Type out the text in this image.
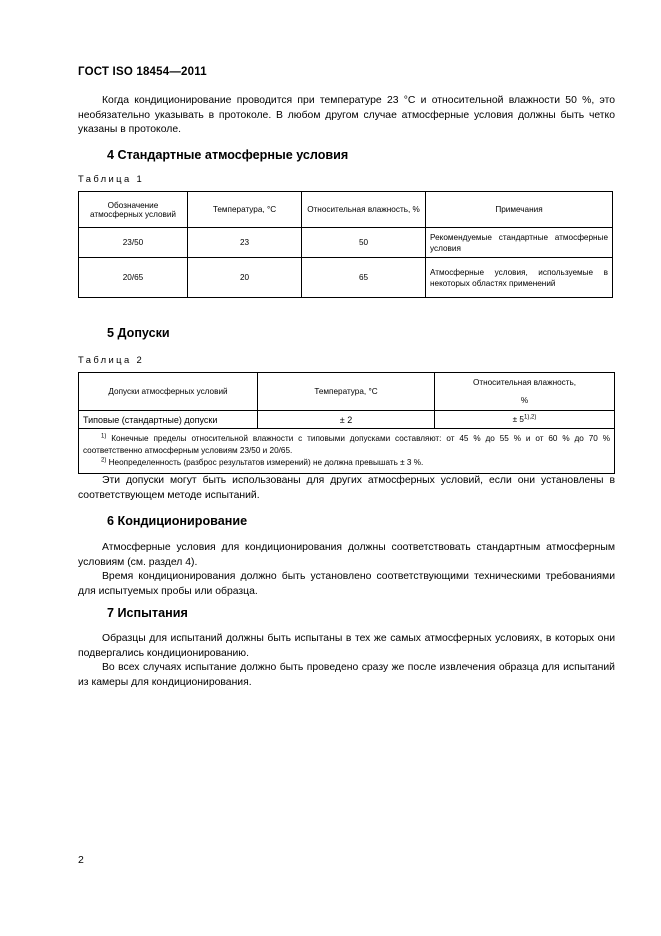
ГОСТ ISO 18454—2011
Когда кондиционирование проводится при температуре 23 °С и относительной влажности 50 %, это необязательно указывать в протоколе. В любом другом случае атмосферные условия должны быть четко указаны в протоколе.
4 Стандартные атмосферные условия
Таблица 1
Обозначение атмосферных условий	Температура, °С	Относительная влажность, %	Примечания
23/50	23	50	Рекомендуемые стандартные атмосферные условия
20/65	20	65	Атмосферные условия, используемые в некоторых областях применений
5 Допуски
Таблица 2
Допуски атмосферных условий	Температура, °С	Относительная влажность,
%
Типовые (стандартные) допуски	± 2	± $5^{1),2)}$

$^{1)}$ Конечные пределы относительной влажности с типовыми допусками составляют: от 45 % до 55 % и от 60 % до 70 % соответственно атмосферным условиям 23/50 и 20/65.
$^{2)}$ Неопределенность (разброс результатов измерений) не должна превышать ± 3 %.		
Эти допуски могут быть использованы для других атмосферных условий, если они установлены в соответствующем методе испытаний.
6 Кондиционирование
Атмосферные условия для кондиционирования должны соответствовать стандартным атмосферным условиям (см. раздел 4).
Время кондиционирования должно быть установлено соответствующими техническими требованиями для испытуемых пробы или образца.
7 Испытания
Образцы для испытаний должны быть испытаны в тех же самых атмосферных условиях, в которых они подвергались кондиционированию.
Во всех случаях испытание должно быть проведено сразу же после извлечения образца для испытаний из камеры для кондиционирования.
2
